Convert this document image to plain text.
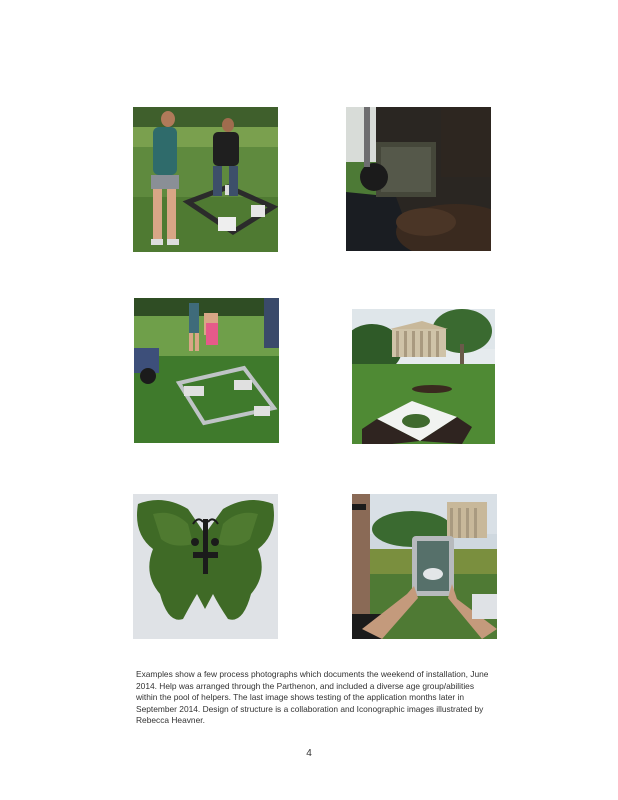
Examples show a few process photographs which documents the weekend of installation, June 2014. Help was arranged through the Parthenon, and included a diverse age group/abilities within the pool of helpers. The last image shows testing of the application months later in September 2014. Design of structure is a collaboration and Iconographic images illustrated by Rebecca Heavner.

4
